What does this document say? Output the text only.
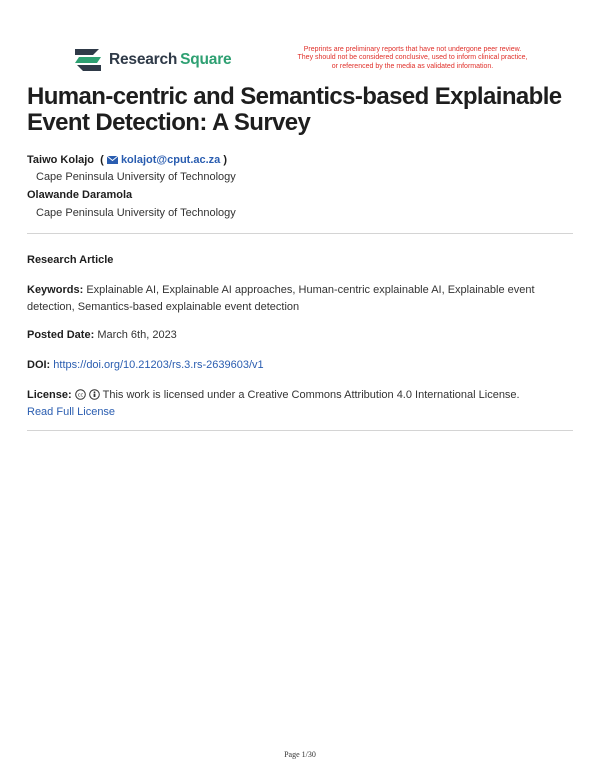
Research  Square
Preprints are preliminary reports that have not undergone peer review.
They should not be considered conclusive, used to inform clinical practice,
or referenced by the media as validated information.
Human-centric and Semantics-based Explainable Event Detection: A Survey
Taiwo Kolajo  (  kolajot@cput.ac.za )
Cape Peninsula University of Technology
Olawande Daramola
Cape Peninsula University of Technology
Research Article
Keywords: Explainable AI, Explainable AI approaches, Human-centric explainable AI, Explainable event detection, Semantics-based explainable event detection
Posted Date: March 6th, 2023
DOI: https://doi.org/10.21203/rs.3.rs-2639603/v1
License: cc This work is licensed under a Creative Commons Attribution 4.0 International License.
Read Full License
Page 1/30
